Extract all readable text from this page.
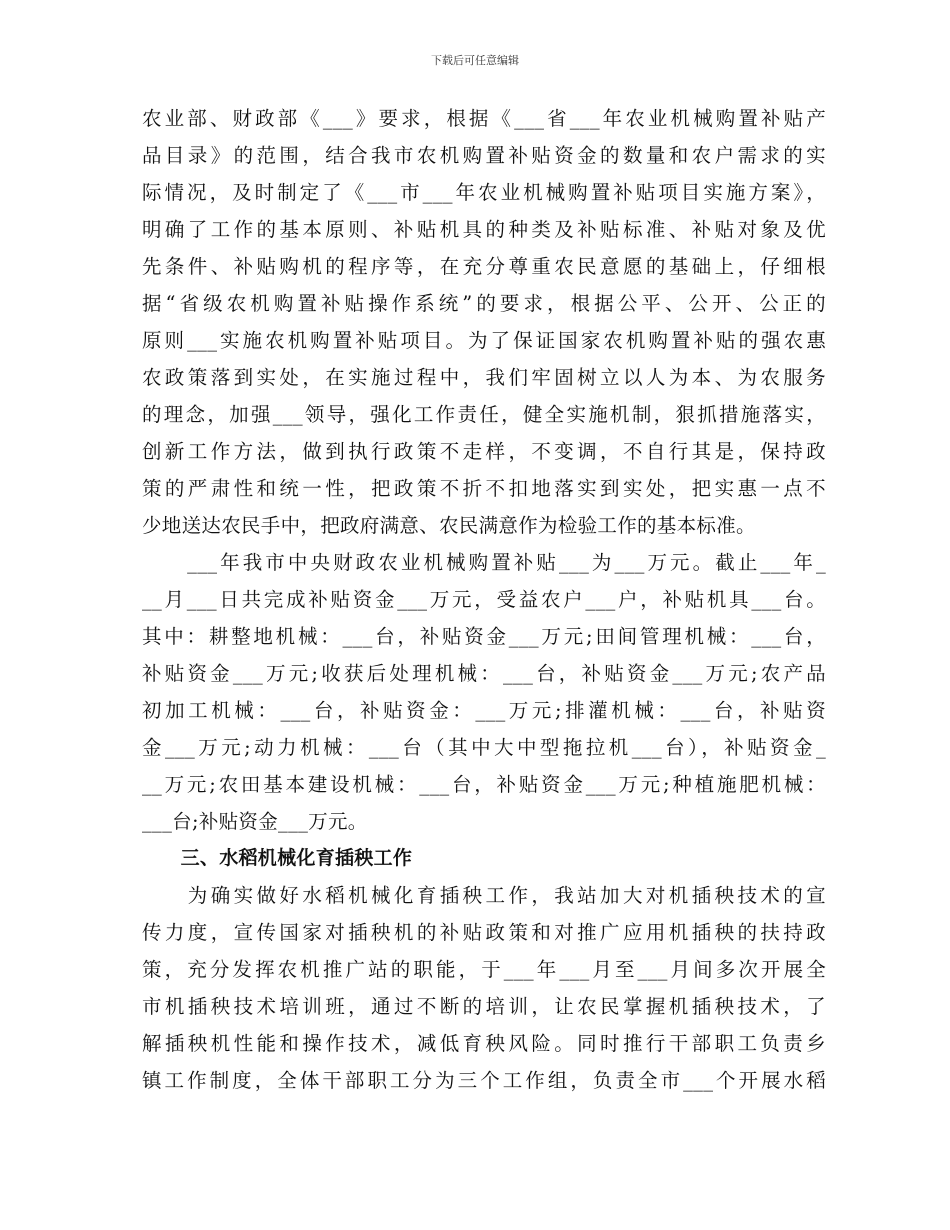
下载后可任意编辑
农业部、财政部《___》要求，根据《___省___年农业机械购置补贴产
品目录》的范围，结合我市农机购置补贴资金的数量和农户需求的实
际情况，及时制定了《___市___年农业机械购置补贴项目实施方案》，
明确了工作的基本原则、补贴机具的种类及补贴标准、补贴对象及优
先条件、补贴购机的程序等，在充分尊重农民意愿的基础上，仔细根
据“省级农机购置补贴操作系统”的要求，根据公平、公开、公正的
原则___实施农机购置补贴项目。为了保证国家农机购置补贴的强农惠
农政策落到实处，在实施过程中，我们牢固树立以人为本、为农服务
的理念，加强___领导，强化工作责任，健全实施机制，狠抓措施落实，
创新工作方法，做到执行政策不走样，不变调，不自行其是，保持政
策的严肃性和统一性，把政策不折不扣地落实到实处，把实惠一点不
少地送达农民手中，把政府满意、农民满意作为检验工作的基本标准。
　　___年我市中央财政农业机械购置补贴___为___万元。截止___年_
__月___日共完成补贴资金___万元，受益农户___户，补贴机具___台。
其中：耕整地机械：___台，补贴资金___万元;田间管理机械：___台，
补贴资金___万元;收获后处理机械：___台，补贴资金___万元;农产品
初加工机械：___台，补贴资金：___万元;排灌机械：___台，补贴资
金___万元;动力机械：___台（其中大中型拖拉机___台），补贴资金_
__万元;农田基本建设机械：___台，补贴资金___万元;种植施肥机械：
___台;补贴资金___万元。
　　三、水稻机械化育插秧工作
　　为确实做好水稻机械化育插秧工作，我站加大对机插秧技术的宣
传力度，宣传国家对插秧机的补贴政策和对推广应用机插秧的扶持政
策，充分发挥农机推广站的职能，于___年___月至___月间多次开展全
市机插秧技术培训班，通过不断的培训，让农民掌握机插秧技术，了
解插秧机性能和操作技术，减低育秧风险。同时推行干部职工负责乡
镇工作制度，全体干部职工分为三个工作组，负责全市___个开展水稻
